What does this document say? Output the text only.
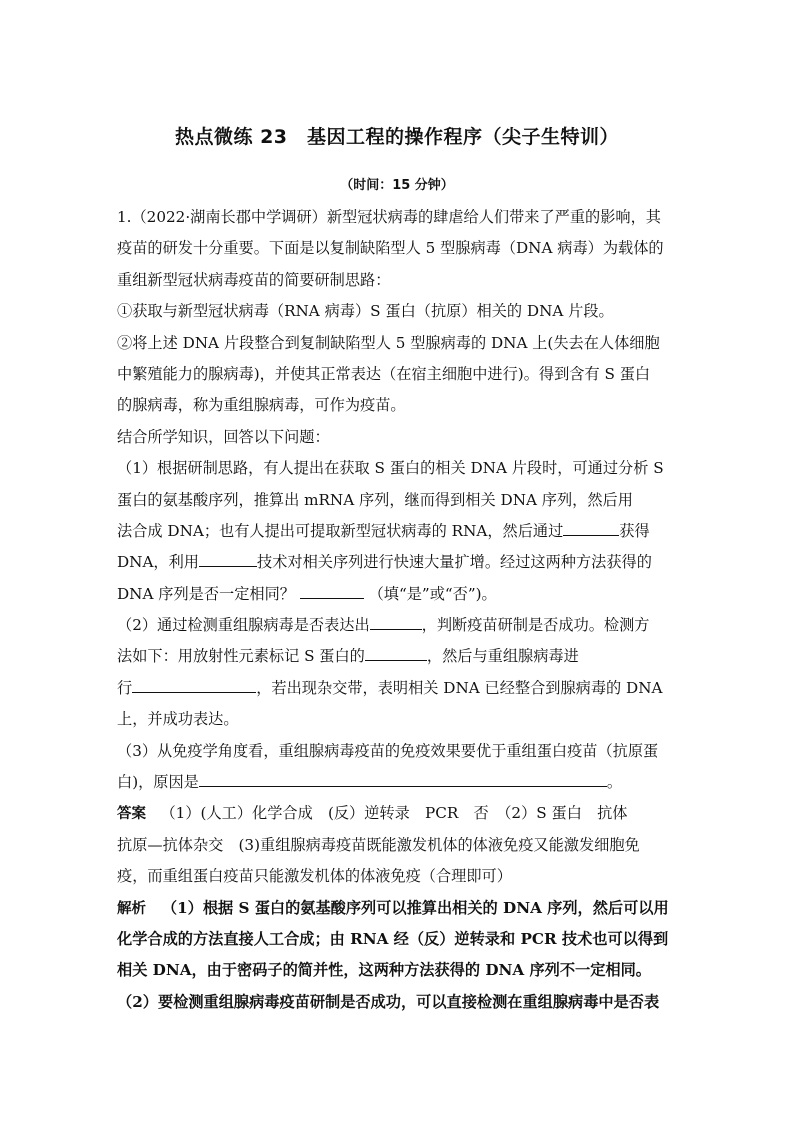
热点微练 23　基因工程的操作程序（尖子生特训）
（时间：15 分钟）
1.（2022·湖南长郡中学调研）新型冠状病毒的肆虐给人们带来了严重的影响，其
疫苗的研发十分重要。下面是以复制缺陷型人 5 型腺病毒（DNA 病毒）为载体的
重组新型冠状病毒疫苗的简要研制思路：
①获取与新型冠状病毒（RNA 病毒）S 蛋白（抗原）相关的 DNA 片段。
②将上述 DNA 片段整合到复制缺陷型人 5 型腺病毒的 DNA 上(失去在人体细胞
中繁殖能力的腺病毒)，并使其正常表达（在宿主细胞中进行)。得到含有 S 蛋白
的腺病毒，称为重组腺病毒，可作为疫苗。
结合所学知识，回答以下问题：
（1）根据研制思路，有人提出在获取 S 蛋白的相关 DNA 片段时，可通过分析 S
蛋白的氨基酸序列，推算出 mRNA 序列，继而得到相关 DNA 序列，然后用
法合成 DNA；也有人提出可提取新型冠状病毒的 RNA，然后通过	获得
DNA，利用	技术对相关序列进行快速大量扩增。经过这两种方法获得的
DNA 序列是否一定相同？	（填“是”或“否”)。
（2）通过检测重组腺病毒是否表达出	，判断疫苗研制是否成功。检测方
法如下：用放射性元素标记 S 蛋白的	，然后与重组腺病毒进
行	，若出现杂交带，表明相关 DNA 已经整合到腺病毒的 DNA
上，并成功表达。
（3）从免疫学角度看，重组腺病毒疫苗的免疫效果要优于重组蛋白疫苗（抗原蛋
白)，原因是	。
答案 （1）(人工）化学合成　(反）逆转录　PCR　否　（2）S 蛋白　抗体
抗原—抗体杂交　(3)重组腺病毒疫苗既能激发机体的体液免疫又能激发细胞免
疫，而重组蛋白疫苗只能激发机体的体液免疫（合理即可）
解析 （1）根据 S 蛋白的氨基酸序列可以推算出相关的 DNA 序列，然后可以用
化学合成的方法直接人工合成；由 RNA 经（反）逆转录和 PCR 技术也可以得到
相关 DNA，由于密码子的简并性，这两种方法获得的 DNA 序列不一定相同。
（2）要检测重组腺病毒疫苗研制是否成功，可以直接检测在重组腺病毒中是否表
